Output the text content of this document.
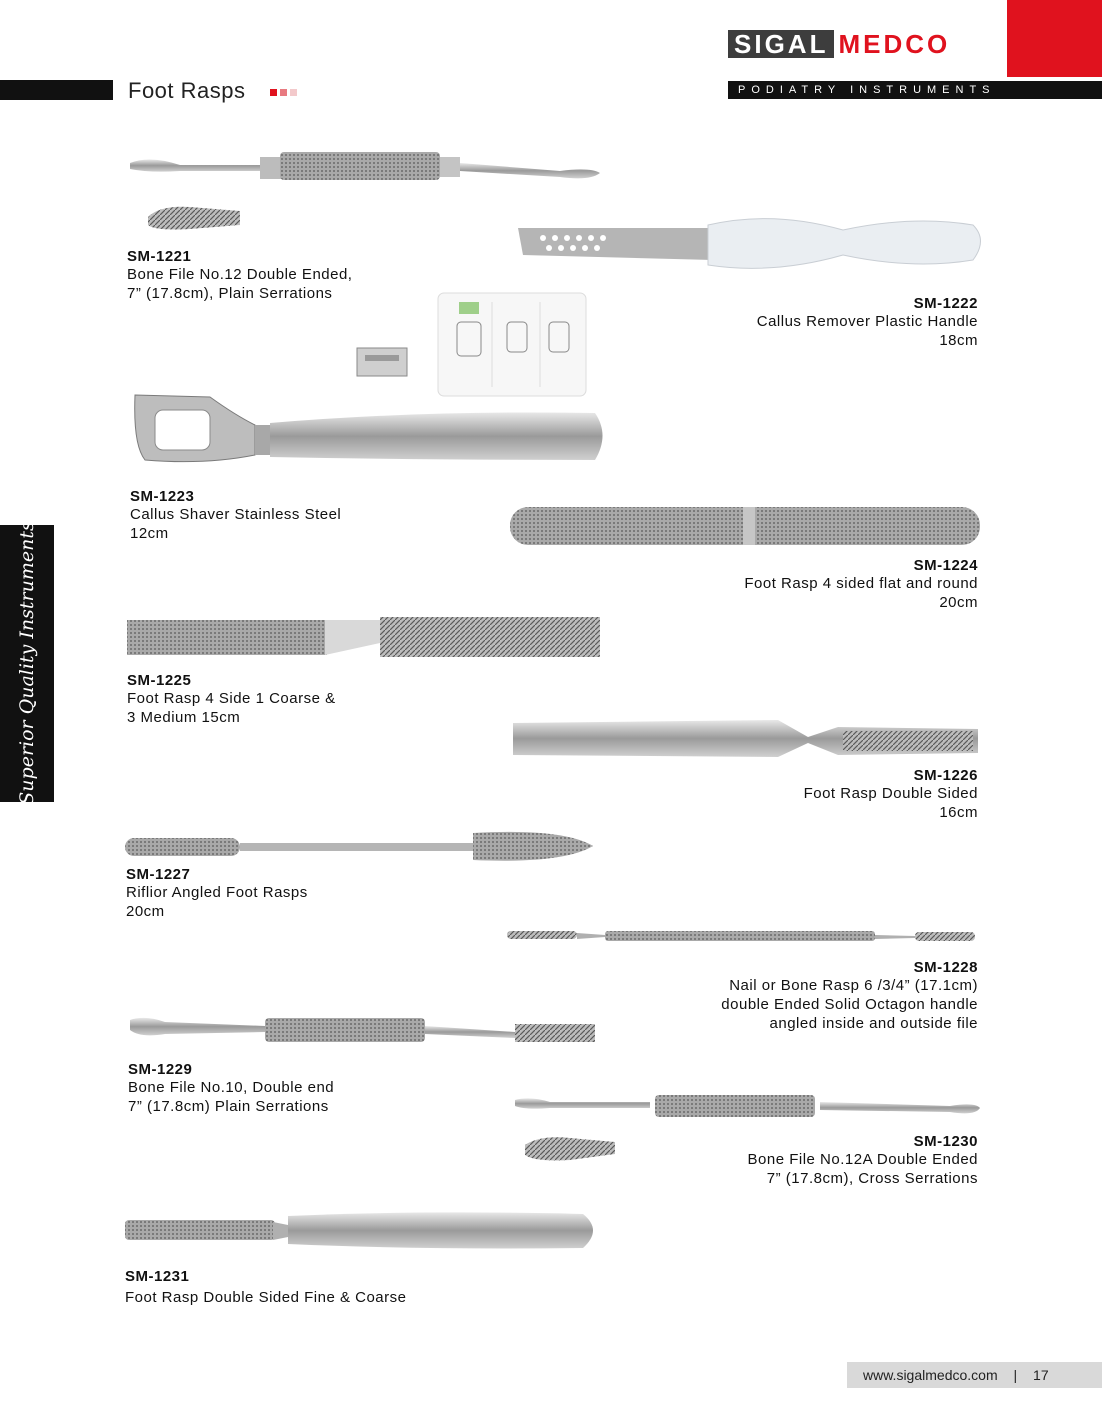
Foot Rasps
SIGAL MEDCO
PODIATRY INSTRUMENTS
Superior Quality Instruments
SM-1221
Bone File No.12 Double Ended,
7” (17.8cm), Plain Serrations
SM-1222
Callus Remover Plastic Handle
18cm
SM-1223
Callus Shaver Stainless Steel
12cm
SM-1224
Foot Rasp 4 sided flat and round
20cm
SM-1225
Foot Rasp 4 Side 1 Coarse &
3 Medium 15cm
SM-1226
Foot Rasp Double Sided
16cm
SM-1227
Riflior Angled Foot Rasps
20cm
SM-1228
Nail or Bone Rasp 6 /3/4” (17.1cm)
double Ended Solid Octagon handle
angled inside and outside file
SM-1229
Bone File No.10, Double end
7” (17.8cm) Plain Serrations
SM-1230
Bone File No.12A Double Ended
7” (17.8cm), Cross Serrations
SM-1231
Foot Rasp Double Sided Fine & Coarse
www.sigalmedco.com | 17
